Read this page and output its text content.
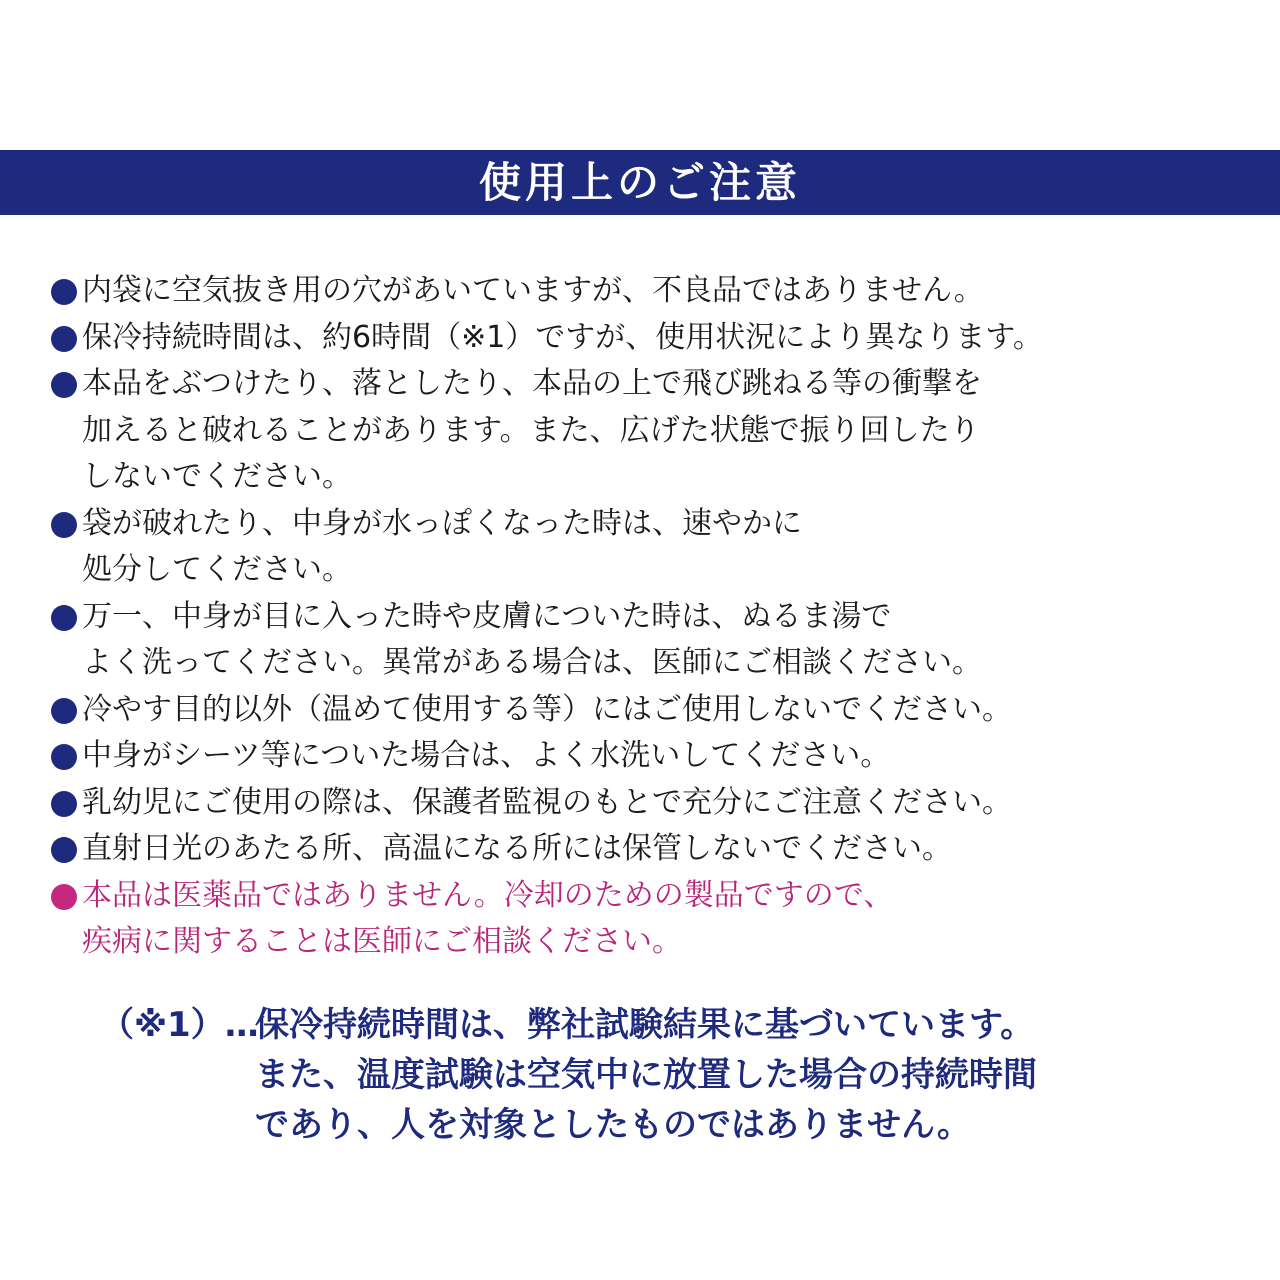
使用上のご注意
内袋に空気抜き用の穴があいていますが、不良品ではありません。
保冷持続時間は、約6時間（※1）ですが、使用状況により異なります。
本品をぶつけたり、落としたり、本品の上で飛び跳ねる等の衝撃を
加えると破れることがあります。また、広げた状態で振り回したり
しないでください。
袋が破れたり、中身が水っぽくなった時は、速やかに
処分してください。
万一、中身が目に入った時や皮膚についた時は、ぬるま湯で
よく洗ってください。異常がある場合は、医師にご相談ください。
冷やす目的以外（温めて使用する等）にはご使用しないでください。
中身がシーツ等についた場合は、よく水洗いしてください。
乳幼児にご使用の際は、保護者監視のもとで充分にご注意ください。
直射日光のあたる所、高温になる所には保管しないでください。
本品は医薬品ではありません。冷却のための製品ですので、
疾病に関することは医師にご相談ください。
（※1）…
保冷持続時間は、弊社試験結果に基づいています。
また、温度試験は空気中に放置した場合の持続時間
であり、人を対象としたものではありません。
